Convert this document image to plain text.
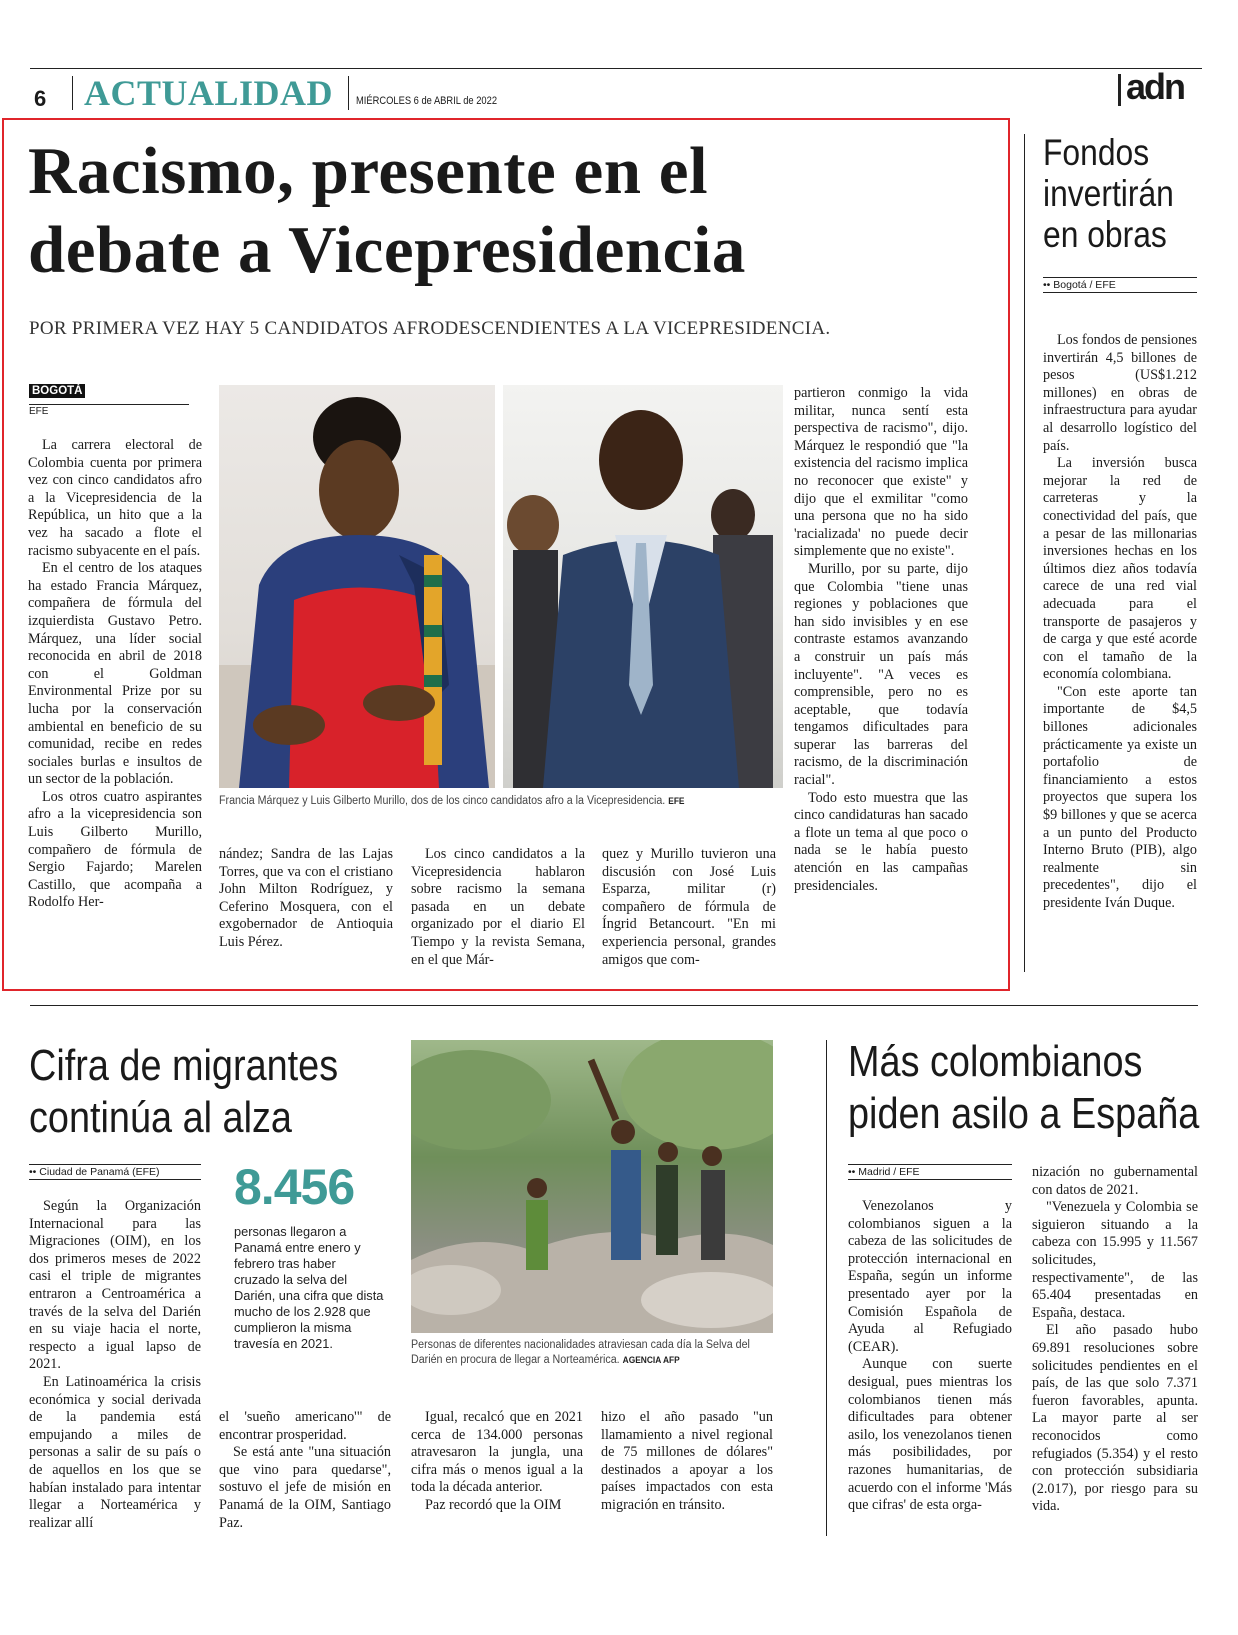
6 ACTUALIDAD MIÉRCOLES 6 de ABRIL de 2022	adn
Racismo, presente en el
debate a Vicepresidencia
POR PRIMERA VEZ HAY 5 CANDIDATOS AFRODESCENDIENTES A LA VICEPRESIDENCIA.
BOGOTÁ
EFE

La carrera electoral de Colombia cuenta por primera vez con cinco candidatos afro a la Vicepresidencia de la República, un hito que a la vez ha sacado a flote el racismo subyacente en el país.

En el centro de los ataques ha estado Francia Márquez, compañera de fórmula del izquierdista Gustavo Petro. Márquez, una líder social reconocida en abril de 2018 con el Goldman Environmental Prize por su lucha por la conservación ambiental en beneficio de su comunidad, recibe en redes sociales burlas e insultos de un sector de la población.

Los otros cuatro aspirantes afro a la vicepresidencia son Luis Gilberto Murillo, compañero de fórmula de Sergio Fajardo; Marelen Castillo, que acompaña a Rodolfo Her-

Francia Márquez y Luis Gilberto Murillo, dos de los cinco candidatos afro a la Vicepresidencia. EFE

nández; Sandra de las Lajas Torres, que va con el cristiano John Milton Rodríguez, y Ceferino Mosquera, con el exgobernador de Antioquia Luis Pérez.

Los cinco candidatos a la Vicepresidencia hablaron sobre racismo la semana pasada en un debate organizado por el diario El Tiempo y la revista Semana, en el que Már-

quez y Murillo tuvieron una discusión con José Luis Esparza, militar (r) compañero de fórmula de Íngrid Betancourt. "En mi experiencia personal, grandes amigos que com-

partieron conmigo la vida militar, nunca sentí esta perspectiva de racismo", dijo. Márquez le respondió que "la existencia del racismo implica no reconocer que existe" y dijo que el exmilitar "como una persona que no ha sido 'racializada' no puede decir simplemente que no existe".

Murillo, por su parte, dijo que Colombia "tiene unas regiones y poblaciones que han sido invisibles y en ese contraste estamos avanzando a construir un país más incluyente". "A veces es comprensible, pero no es aceptable, que todavía tengamos dificultades para superar las barreras del racismo, de la discriminación racial".

Todo esto muestra que las cinco candidaturas han sacado a flote un tema al que poco o nada se le había puesto atención en las campañas presidenciales.

Fondos invertirán en obras
•• Bogotá / EFE

Los fondos de pensiones invertirán 4,5 billones de pesos (US$1.212 millones) en obras de infraestructura para ayudar al desarrollo logístico del país.

La inversión busca mejorar la red de carreteras y la conectividad del país, que a pesar de las millonarias inversiones hechas en los últimos diez años todavía carece de una red vial adecuada para el transporte de pasajeros y de carga y que esté acorde con el tamaño de la economía colombiana.

"Con este aporte tan importante de $4,5 billones adicionales prácticamente ya existe un portafolio de financiamiento a estos proyectos que supera los $9 billones y que se acerca a un punto del Producto Interno Bruto (PIB), algo realmente sin precedentes", dijo el presidente Iván Duque.

Cifra de migrantes
continúa al alza
•• Ciudad de Panamá (EFE)

Según la Organización Internacional para las Migraciones (OIM), en los dos primeros meses de 2022 casi el triple de migrantes entraron a Centroamérica a través de la selva del Darién en su viaje hacia el norte, respecto a igual lapso de 2021.

En Latinoamérica la crisis económica y social derivada de la pandemia está empujando a miles de personas a salir de su país o de aquellos en los que se habían instalado para intentar llegar a Norteamérica y realizar allí

8.456
personas llegaron a Panamá entre enero y febrero tras haber cruzado la selva del Darién, una cifra que dista mucho de los 2.928 que cumplieron la misma travesía en 2021.	Personas de diferentes nacionalidades atraviesan cada día la Selva del Darién en procura de llegar a Norteamérica. AGENCIA AFP

el 'sueño americano'" de encontrar prosperidad.

Se está ante "una situación que vino para quedarse", sostuvo el jefe de misión en Panamá de la OIM, Santiago Paz.

Igual, recalcó que en 2021 cerca de 134.000 personas atravesaron la jungla, una cifra más o menos igual a la toda la década anterior.

Paz recordó que la OIM

hizo el año pasado "un llamamiento a nivel regional de 75 millones de dólares" destinados a apoyar a los países impactados con esta migración en tránsito.

Más colombianos
piden asilo a España
•• Madrid / EFE

Venezolanos y colombianos siguen a la cabeza de las solicitudes de protección internacional en España, según un informe presentado ayer por la Comisión Española de Ayuda al Refugiado (CEAR).

Aunque con suerte desigual, pues mientras los colombianos tienen más dificultades para obtener asilo, los venezolanos tienen más posibilidades, por razones humanitarias, de acuerdo con el informe 'Más que cifras' de esta orga-

nización no gubernamental con datos de 2021.

"Venezuela y Colombia se siguieron situando a la cabeza con 15.995 y 11.567 solicitudes, respectivamente", de las 65.404 presentadas en España, destaca.

El año pasado hubo 69.891 resoluciones sobre solicitudes pendientes en el país, de las que solo 7.371 fueron favorables, apunta. La mayor parte al ser reconocidos como refugiados (5.354) y el resto con protección subsidiaria (2.017), por riesgo para su vida.
